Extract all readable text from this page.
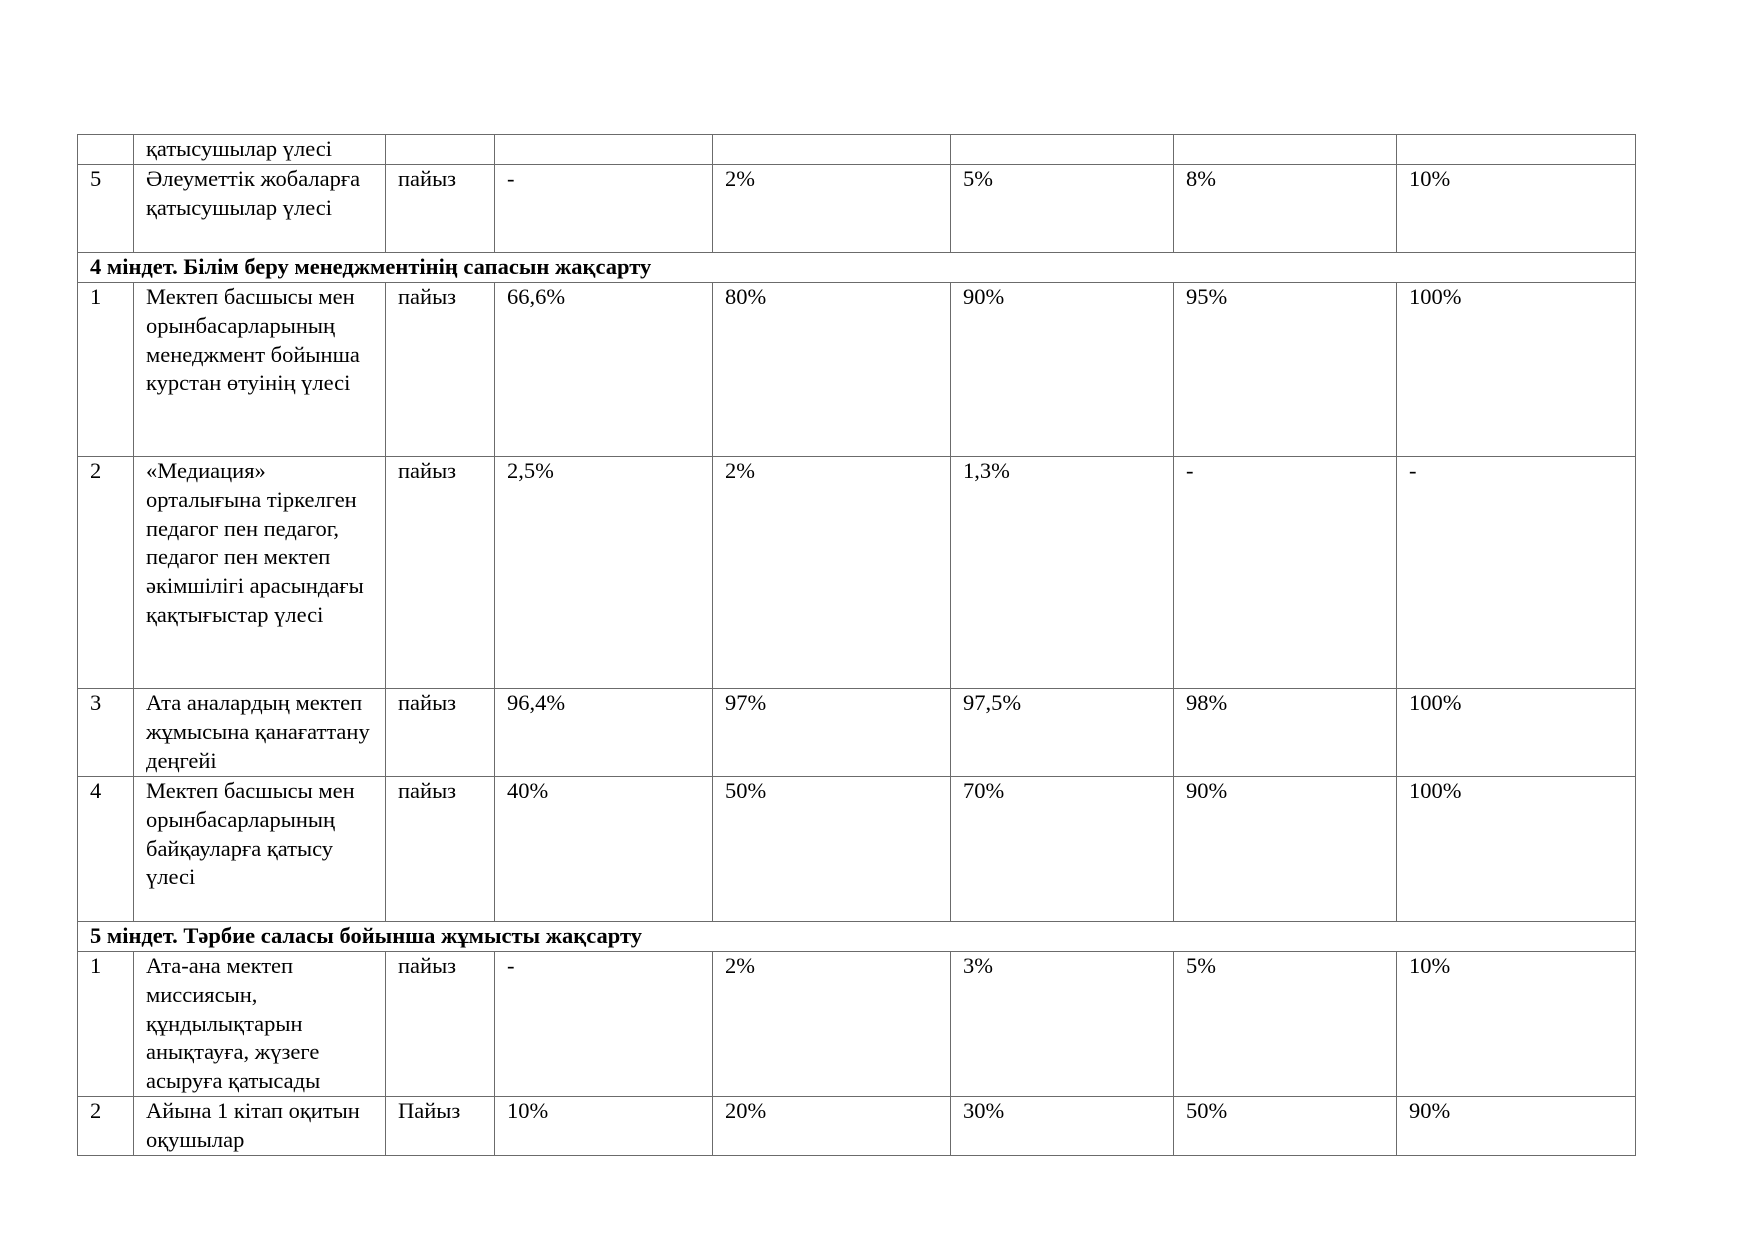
	қатысушылар үлесі						
5	Әлеуметтік жобаларға қатысушылар үлесі	пайыз	-	2%	5%	8%	10%
4 міндет. Білім беру менеджментінің сапасын жақсарту							
1	Мектеп басшысы мен орынбасарларының менеджмент бойынша курстан өтуінің үлесі	пайыз	66,6%	80%	90%	95%	100%
2	«Медиация» орталығына тіркелген педагог пен педагог, педагог пен мектеп әкімшілігі арасындағы қақтығыстар үлесі	пайыз	2,5%	2%	1,3%	-	-
3	Ата аналардың мектеп жұмысына қанағаттану деңгейі	пайыз	96,4%	97%	97,5%	98%	100%
4	Мектеп басшысы мен орынбасарларының байқауларға қатысу үлесі	пайыз	40%	50%	70%	90%	100%
5 міндет. Тәрбие саласы бойынша жұмысты жақсарту							
1	Ата-ана мектеп миссиясын, құндылықтарын анықтауға, жүзеге асыруға қатысады	пайыз	-	2%	3%	5%	10%
2	Айына 1 кітап оқитын оқушылар	Пайыз	10%	20%	30%	50%	90%
